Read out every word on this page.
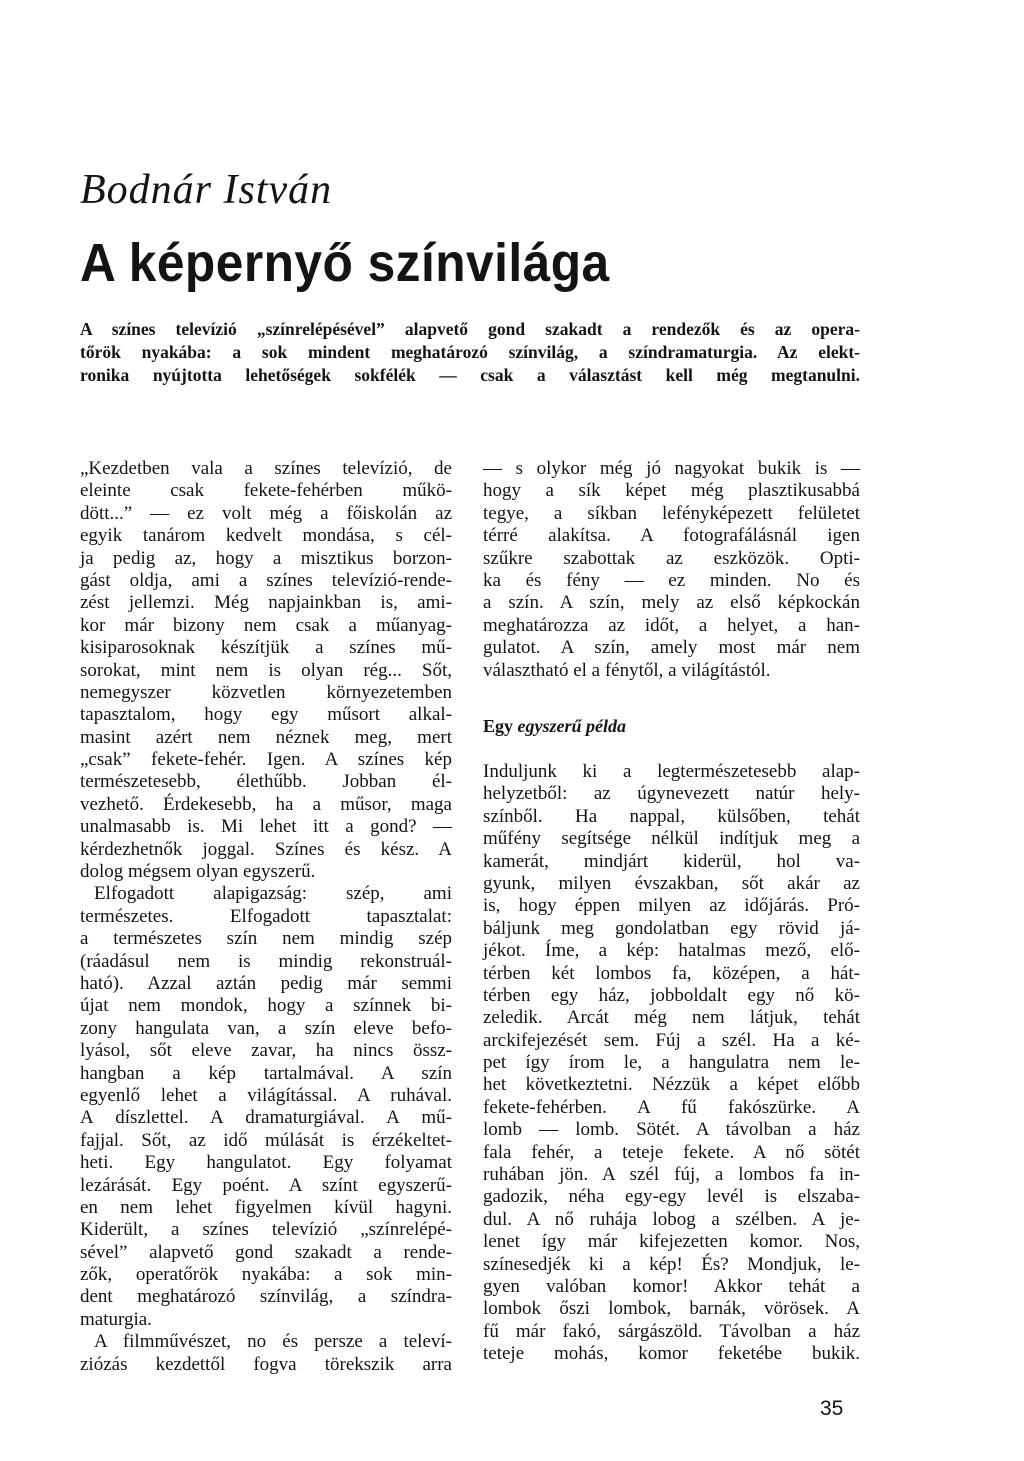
Bodnár István
A képernyő színvilága
A színes televízió „színrelépésével” alapvető gond szakadt a rendezők és az opera-
tőrök nyakába: a sok mindent meghatározó színvilág, a színdramaturgia. Az elekt-
ronika nyújtotta lehetőségek sokfélék — csak a választást kell még megtanulni.
„Kezdetben vala a színes televízió, de
eleinte csak fekete-fehérben műkö-
dött...” — ez volt még a főiskolán az
egyik tanárom kedvelt mondása, s cél-
ja pedig az, hogy a misztikus borzon-
gást oldja, ami a színes televízió-rende-
zést jellemzi. Még napjainkban is, ami-
kor már bizony nem csak a műanyag-
kisiparosoknak készítjük a színes mű-
sorokat, mint nem is olyan rég... Sőt,
nemegyszer közvetlen környezetemben
tapasztalom, hogy egy műsort alkal-
masint azért nem néznek meg, mert
„csak” fekete-fehér. Igen. A színes kép
természetesebb, élethűbb. Jobban él-
vezhető. Érdekesebb, ha a műsor, maga
unalmasabb is. Mi lehet itt a gond? —
kérdezhetnők joggal. Színes és kész. A
dolog mégsem olyan egyszerű.
Elfogadott alapigazság: szép, ami
természetes. Elfogadott tapasztalat:
a természetes szín nem mindig szép
(ráadásul nem is mindig rekonstruál-
ható). Azzal aztán pedig már semmi
újat nem mondok, hogy a színnek bi-
zony hangulata van, a szín eleve befo-
lyásol, sőt eleve zavar, ha nincs össz-
hangban a kép tartalmával. A szín
egyenlő lehet a világítással. A ruhával.
A díszlettel. A dramaturgiával. A mű-
fajjal. Sőt, az idő múlását is érzékeltet-
heti. Egy hangulatot. Egy folyamat
lezárását. Egy poént. A színt egyszerű-
en nem lehet figyelmen kívül hagyni.
Kiderült, a színes televízió „színrelépé-
sével” alapvető gond szakadt a rende-
zők, operatőrök nyakába: a sok min-
dent meghatározó színvilág, a színdra-
maturgia.
A filmművészet, no és persze a televí-
ziózás kezdettől fogva törekszik arra
— s olykor még jó nagyokat bukik is —
hogy a sík képet még plasztikusabbá
tegye, a síkban lefényképezett felületet
térré alakítsa. A fotografálásnál igen
szűkre szabottak az eszközök. Opti-
ka és fény — ez minden. No és
a szín. A szín, mely az első képkockán
meghatározza az időt, a helyet, a han-
gulatot. A szín, amely most már nem
választható el a fénytől, a világítástól.
Egy egyszerű példa
Induljunk ki a legtermészetesebb alap-
helyzetből: az úgynevezett natúr hely-
színből. Ha nappal, külsőben, tehát
műfény segítsége nélkül indítjuk meg a
kamerát, mindjárt kiderül, hol va-
gyunk, milyen évszakban, sőt akár az
is, hogy éppen milyen az időjárás. Pró-
báljunk meg gondolatban egy rövid já-
jékot. Íme, a kép: hatalmas mező, elő-
térben két lombos fa, középen, a hát-
térben egy ház, jobboldalt egy nő kö-
zeledik. Arcát még nem látjuk, tehát
arckifejezését sem. Fúj a szél. Ha a ké-
pet így írom le, a hangulatra nem le-
het következtetni. Nézzük a képet előbb
fekete-fehérben. A fű fakószürke. A
lomb — lomb. Sötét. A távolban a ház
fala fehér, a teteje fekete. A nő sötét
ruhában jön. A szél fúj, a lombos fa in-
gadozik, néha egy-egy levél is elszaba-
dul. A nő ruhája lobog a szélben. A je-
lenet így már kifejezetten komor. Nos,
színesedjék ki a kép! És? Mondjuk, le-
gyen valóban komor! Akkor tehát a
lombok őszi lombok, barnák, vörösek. A
fű már fakó, sárgászöld. Távolban a ház
teteje mohás, komor feketébe bukik.
35
